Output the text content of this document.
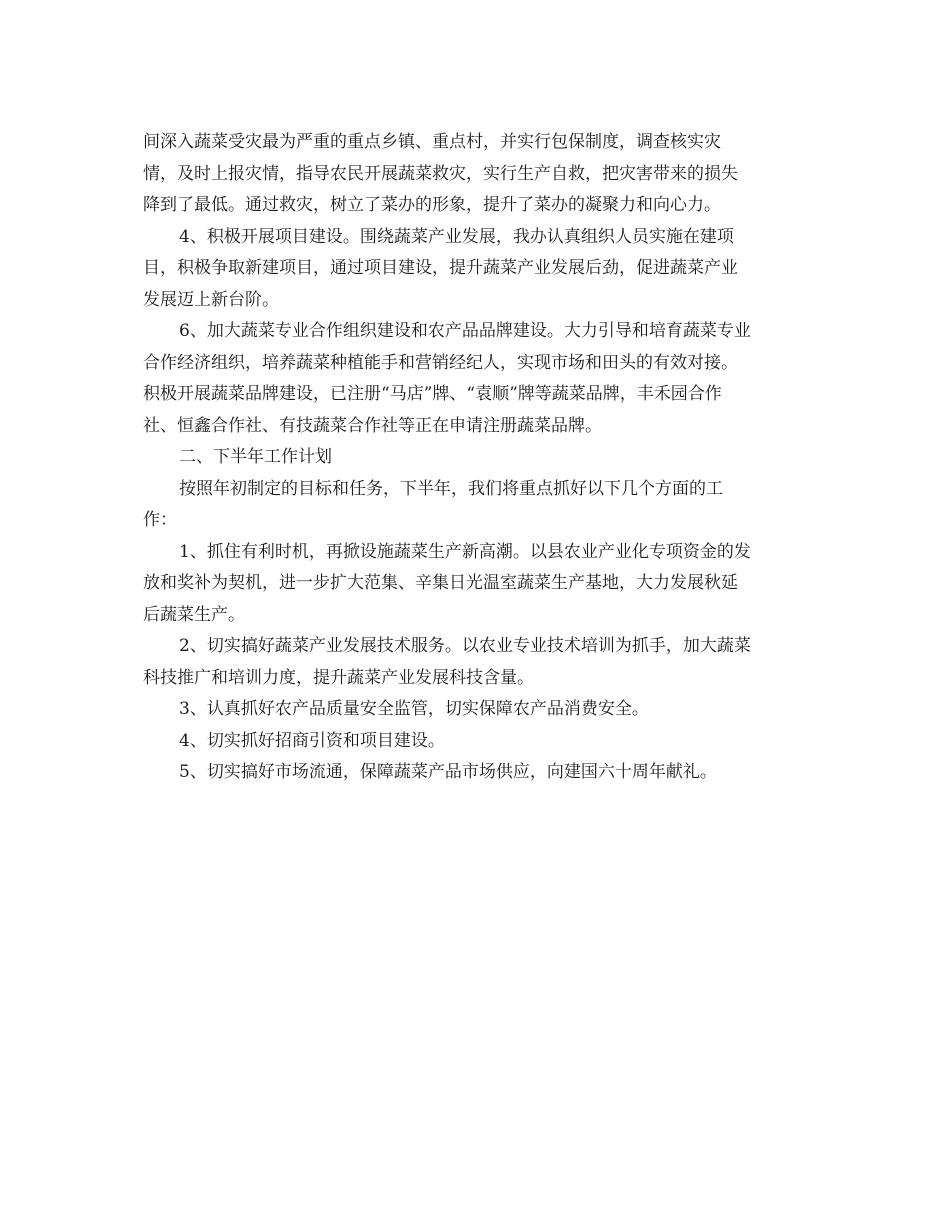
间深入蔬菜受灾最为严重的重点乡镇、重点村，并实行包保制度，调查核实灾
情，及时上报灾情，指导农民开展蔬菜救灾，实行生产自救，把灾害带来的损失
降到了最低。通过救灾，树立了菜办的形象，提升了菜办的凝聚力和向心力。

4、积极开展项目建设。围绕蔬菜产业发展，我办认真组织人员实施在建项
目，积极争取新建项目，通过项目建设，提升蔬菜产业发展后劲，促进蔬菜产业
发展迈上新台阶。

6、加大蔬菜专业合作组织建设和农产品品牌建设。大力引导和培育蔬菜专业
合作经济组织，培养蔬菜种植能手和营销经纪人，实现市场和田头的有效对接。
积极开展蔬菜品牌建设，已注册“马店”牌、“袁顺”牌等蔬菜品牌，丰禾园合作
社、恒鑫合作社、有技蔬菜合作社等正在申请注册蔬菜品牌。

二、下半年工作计划

按照年初制定的目标和任务，下半年，我们将重点抓好以下几个方面的工
作：

1、抓住有利时机，再掀设施蔬菜生产新高潮。以县农业产业化专项资金的发
放和奖补为契机，进一步扩大范集、辛集日光温室蔬菜生产基地，大力发展秋延
后蔬菜生产。

2、切实搞好蔬菜产业发展技术服务。以农业专业技术培训为抓手，加大蔬菜
科技推广和培训力度，提升蔬菜产业发展科技含量。

3、认真抓好农产品质量安全监管，切实保障农产品消费安全。

4、切实抓好招商引资和项目建设。

5、切实搞好市场流通，保障蔬菜产品市场供应，向建国六十周年献礼。
